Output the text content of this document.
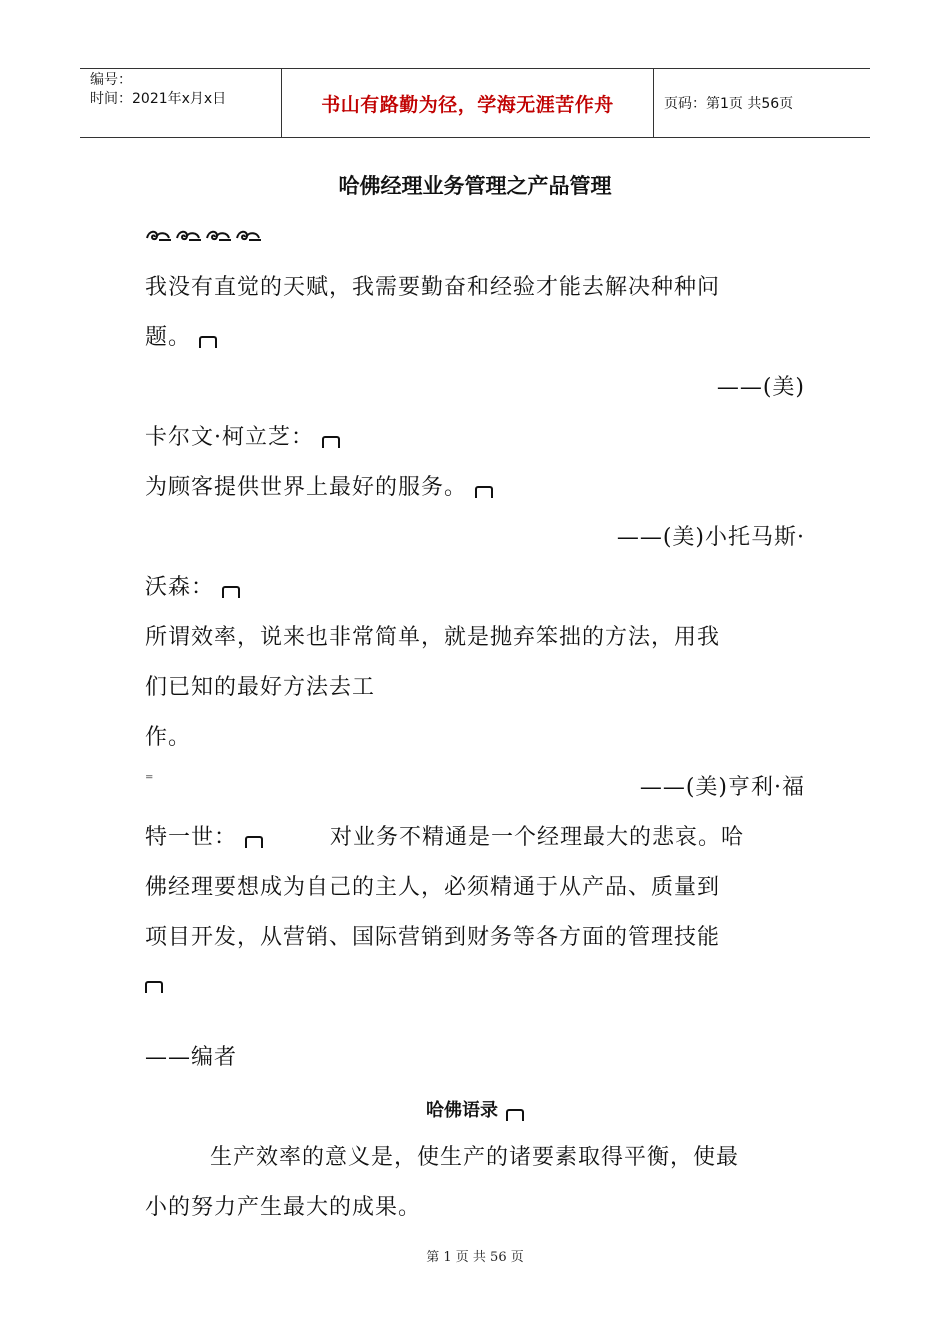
编号：
时间：2021年x月x日	书山有路勤为径，学海无涯苦作舟	页码：第1页 共56页
哈佛经理业务管理之产品管理
我没有直觉的天赋，我需要勤奋和经验才能去解决种种问
题。
——(美)
卡尔文·柯立芝：
为顾客提供世界上最好的服务。
——(美)小托马斯·
沃森：
所谓效率，说来也非常简单，就是抛弃笨拙的方法，用我
们已知的最好方法去工
作。
⁼	——(美)亨利·福
特一世：	对业务不精通是一个经理最大的悲哀。哈
佛经理要想成为自己的主人，必须精通于从产品、质量到
项目开发，从营销、国际营销到财务等各方面的管理技能
——编者
哈佛语录
生产效率的意义是，使生产的诸要素取得平衡，使最
小的努力产生最大的成果。
第 1 页 共 56 页
